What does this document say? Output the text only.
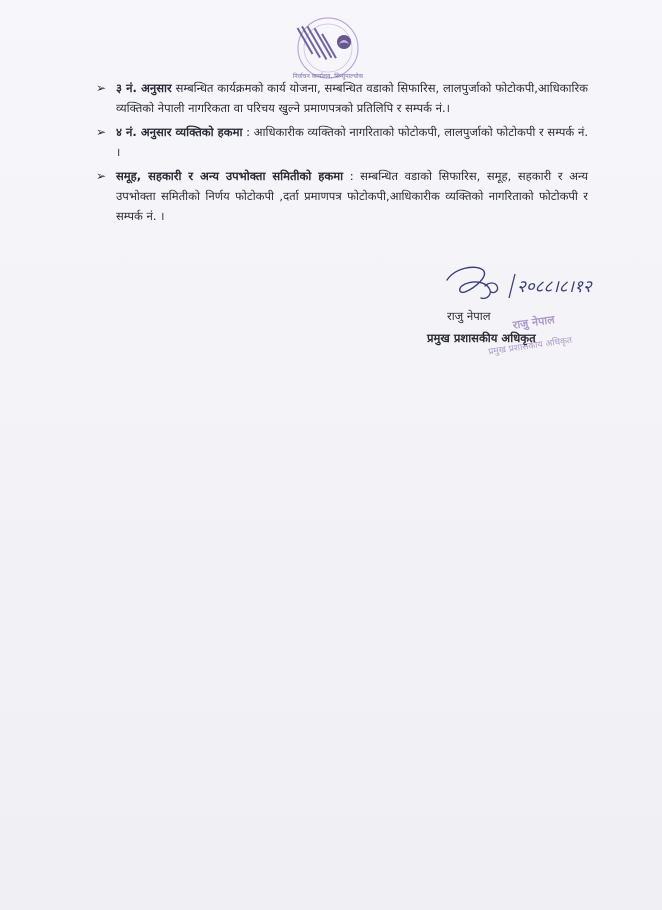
निर्वाचन कार्यालय, सिन्धुपाल्चोक
➢ ३ नं. अनुसार सम्बन्धित कार्यक्रमको कार्य योजना, सम्बन्धित वडाको सिफारिस, लालपुर्जाको फोटोकपी,आधिकारिक व्यक्तिको नेपाली नागरिकता वा परिचय खुल्ने प्रमाणपत्रको प्रतिलिपि र सम्पर्क नं.।
➢ ४ नं. अनुसार व्यक्तिको हकमा : आधिकारीक व्यक्तिको नागरिताको फोटोकपी, लालपुर्जाको फोटोकपी र सम्पर्क नं. ।
➢ समूह, सहकारी र अन्य उपभोक्ता समितीको हकमा : सम्बन्धित वडाको सिफारिस, समूह, सहकारी र अन्य उपभोक्ता समितीको निर्णय फोटोकपी ,दर्ता प्रमाणपत्र फोटोकपी,आधिकारीक व्यक्तिको नागरिताको फोटोकपी र सम्पर्क नं. ।
२०८८।८।१२
राजु नेपाल
प्रमुख प्रशासकीय अधिकृत
राजु नेपाल
प्रमुख प्रशासकीय अधिकृत
